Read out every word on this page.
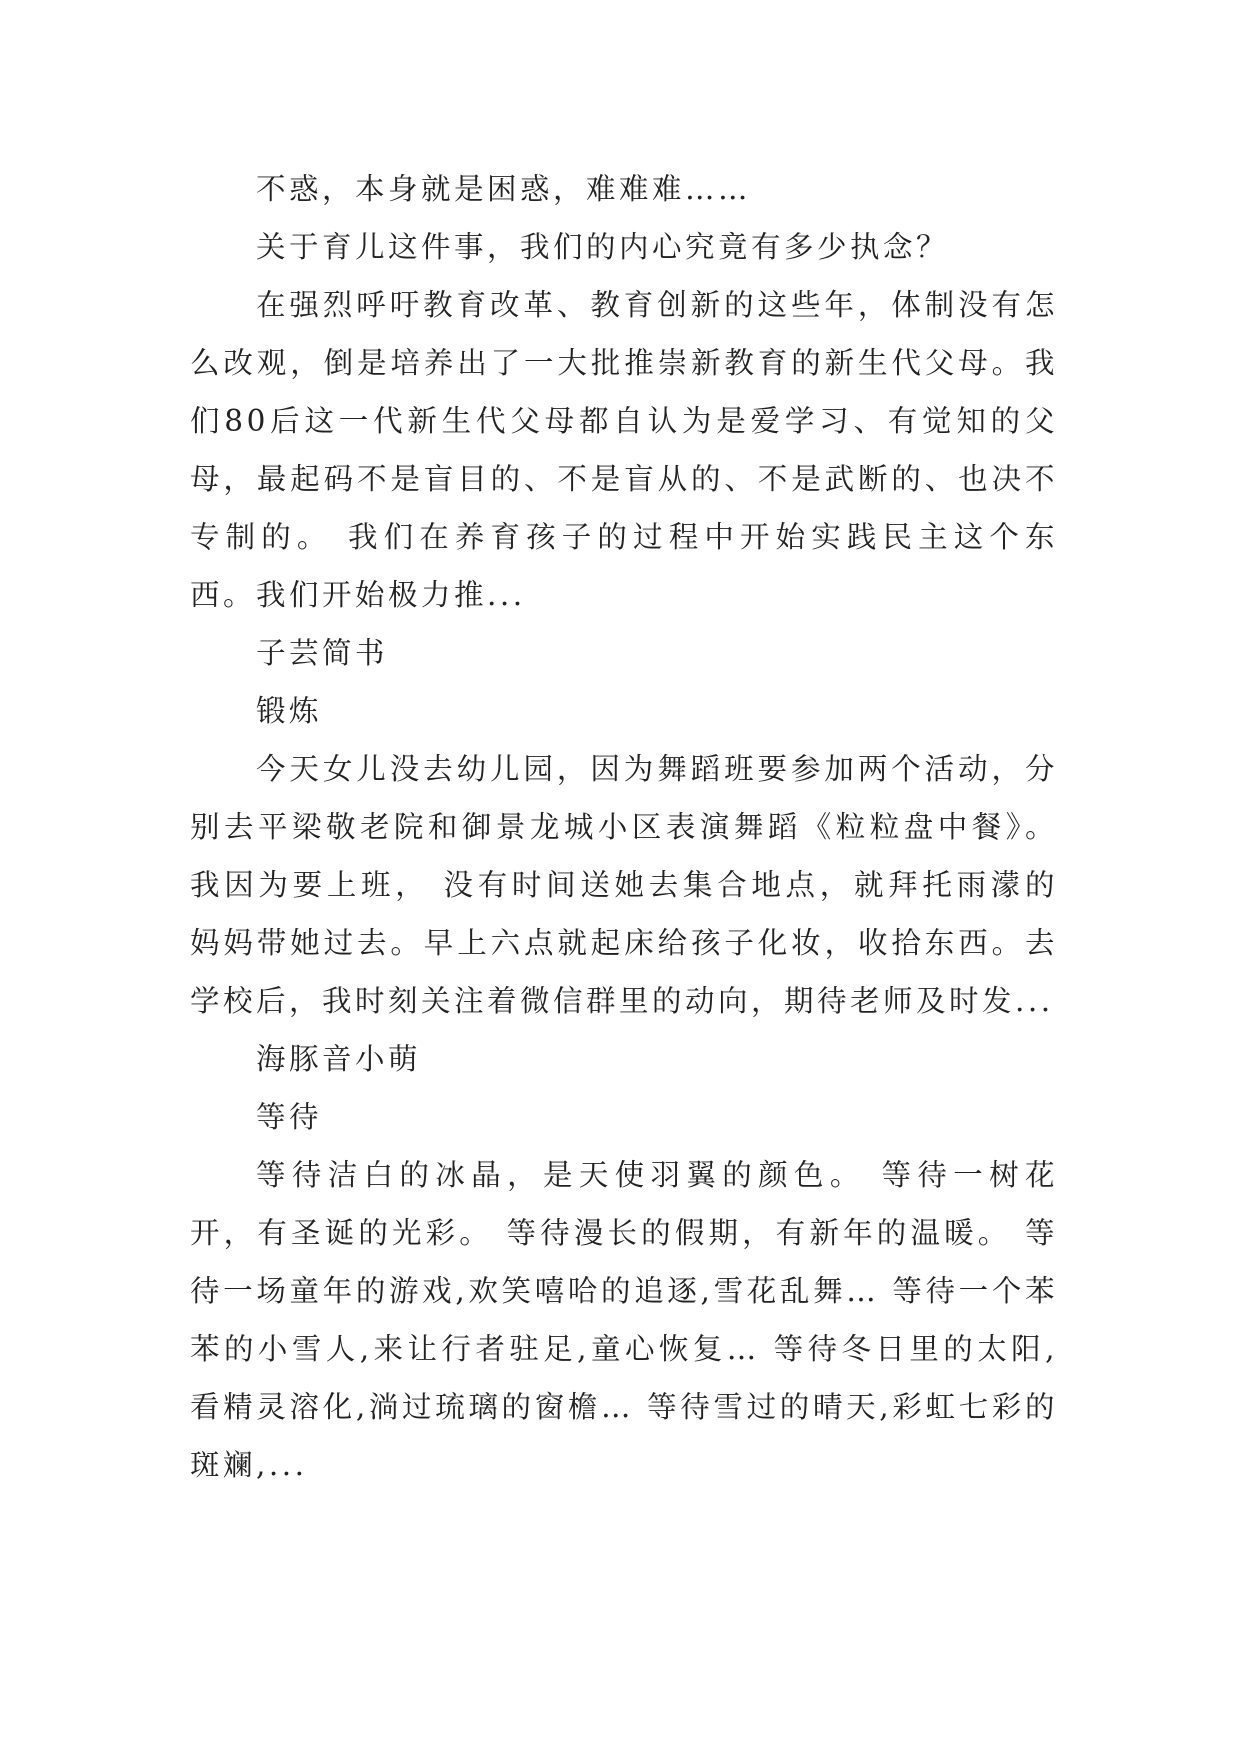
不惑，本身就是困惑，难难难……

关于育儿这件事，我们的内心究竟有多少执念？

在强烈呼吁教育改革、教育创新的这些年，体制没有怎么改观，倒是培养出了一大批推崇新教育的新生代父母。我们80后这一代新生代父母都自认为是爱学习、有觉知的父母，最起码不是盲目的、不是盲从的、不是武断的、也决不专制的。 我们在养育孩子的过程中开始实践民主这个东西。我们开始极力推...

子芸简书

锻炼

今天女儿没去幼儿园，因为舞蹈班要参加两个活动，分别去平梁敬老院和御景龙城小区表演舞蹈《粒粒盘中餐》。 我因为要上班， 没有时间送她去集合地点，就拜托雨濛的妈妈带她过去。早上六点就起床给孩子化妆，收拾东西。去学校后，我时刻关注着微信群里的动向，期待老师及时发...

海豚音小萌

等待

等待洁白的冰晶，是天使羽翼的颜色。 等待一树花开，有圣诞的光彩。 等待漫长的假期，有新年的温暖。 等待一场童年的游戏,欢笑嘻哈的追逐,雪花乱舞… 等待一个苯苯的小雪人,来让行者驻足,童心恢复… 等待冬日里的太阳,看精灵溶化,淌过琉璃的窗檐… 等待雪过的晴天,彩虹七彩的斑斓,...
